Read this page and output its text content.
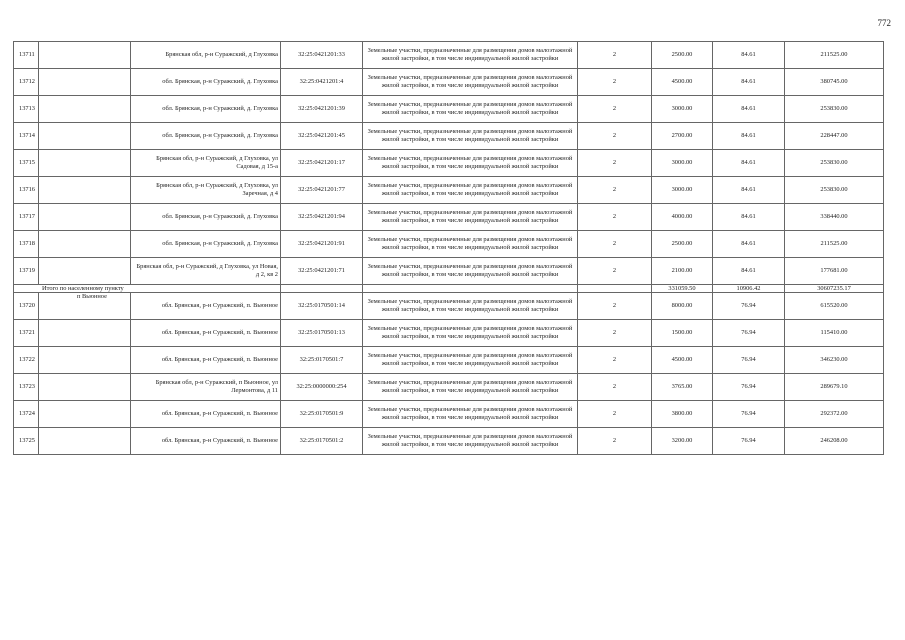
772
13711		Брянская обл, р-н Суражский, д Глуховка	32:25:0421201:33	Земельные участки, предназначенные для размещения домов малоэтажной жилой застройки, в том числе индивидуальной жилой застройки	2	2500.00	84.61	211525.00
13712		обл. Брянская, р-н Суражский, д. Глуховка	32:25:0421201:4	Земельные участки, предназначенные для размещения домов малоэтажной жилой застройки, в том числе индивидуальной жилой застройки	2	4500.00	84.61	380745.00
13713		обл. Брянская, р-н Суражский, д. Глуховка	32:25:0421201:39	Земельные участки, предназначенные для размещения домов малоэтажной жилой застройки, в том числе индивидуальной жилой застройки	2	3000.00	84.61	253830.00
13714		обл. Брянская, р-н Суражский, д. Глуховка	32:25:0421201:45	Земельные участки, предназначенные для размещения домов малоэтажной жилой застройки, в том числе индивидуальной жилой застройки	2	2700.00	84.61	228447.00
13715		Брянская обл, р-н Суражский, д Глуховка, ул Садовая, д 15-а	32:25:0421201:17	Земельные участки, предназначенные для размещения домов малоэтажной жилой застройки, в том числе индивидуальной жилой застройки	2	3000.00	84.61	253830.00
13716		Брянская обл, р-н Суражский, д Глуховка, ул Заречная, д 4	32:25:0421201:77	Земельные участки, предназначенные для размещения домов малоэтажной жилой застройки, в том числе индивидуальной жилой застройки	2	3000.00	84.61	253830.00
13717		обл. Брянская, р-н Суражский, д. Глуховка	32:25:0421201:94	Земельные участки, предназначенные для размещения домов малоэтажной жилой застройки, в том числе индивидуальной жилой застройки	2	4000.00	84.61	338440.00
13718		обл. Брянская, р-н Суражский, д. Глуховка	32:25:0421201:91	Земельные участки, предназначенные для размещения домов малоэтажной жилой застройки, в том числе индивидуальной жилой застройки	2	2500.00	84.61	211525.00
13719		Брянская обл, р-н Суражский, д Глуховка, ул Новая, д 2, кв 2	32:25:0421201:71	Земельные участки, предназначенные для размещения домов малоэтажной жилой застройки, в том числе индивидуальной жилой застройки	2	2100.00	84.61	177681.00
Итого по населенному пункту						331059.50	10906.42	30607235.17
13720	п Вьюнное	обл. Брянская, р-н Суражский, п. Вьюнное	32:25:0170501:14	Земельные участки, предназначенные для размещения домов малоэтажной жилой застройки, в том числе индивидуальной жилой застройки	2	8000.00	76.94	615520.00
13721		обл. Брянская, р-н Суражский, п. Вьюнное	32:25:0170501:13	Земельные участки, предназначенные для размещения домов малоэтажной жилой застройки, в том числе индивидуальной жилой застройки	2	1500.00	76.94	115410.00
13722		обл. Брянская, р-н Суражский, п. Вьюнное	32:25:0170501:7	Земельные участки, предназначенные для размещения домов малоэтажной жилой застройки, в том числе индивидуальной жилой застройки	2	4500.00	76.94	346230.00
13723		Брянская обл, р-н Суражский, п Вьюнное, ул Лермонтова, д 11	32:25:0000000:254	Земельные участки, предназначенные для размещения домов малоэтажной жилой застройки, в том числе индивидуальной жилой застройки	2	3765.00	76.94	289679.10
13724		обл. Брянская, р-н Суражский, п. Вьюнное	32:25:0170501:9	Земельные участки, предназначенные для размещения домов малоэтажной жилой застройки, в том числе индивидуальной жилой застройки	2	3800.00	76.94	292372.00
13725		обл. Брянская, р-н Суражский, п. Вьюнное	32:25:0170501:2	Земельные участки, предназначенные для размещения домов малоэтажной жилой застройки, в том числе индивидуальной жилой застройки	2	3200.00	76.94	246208.00
